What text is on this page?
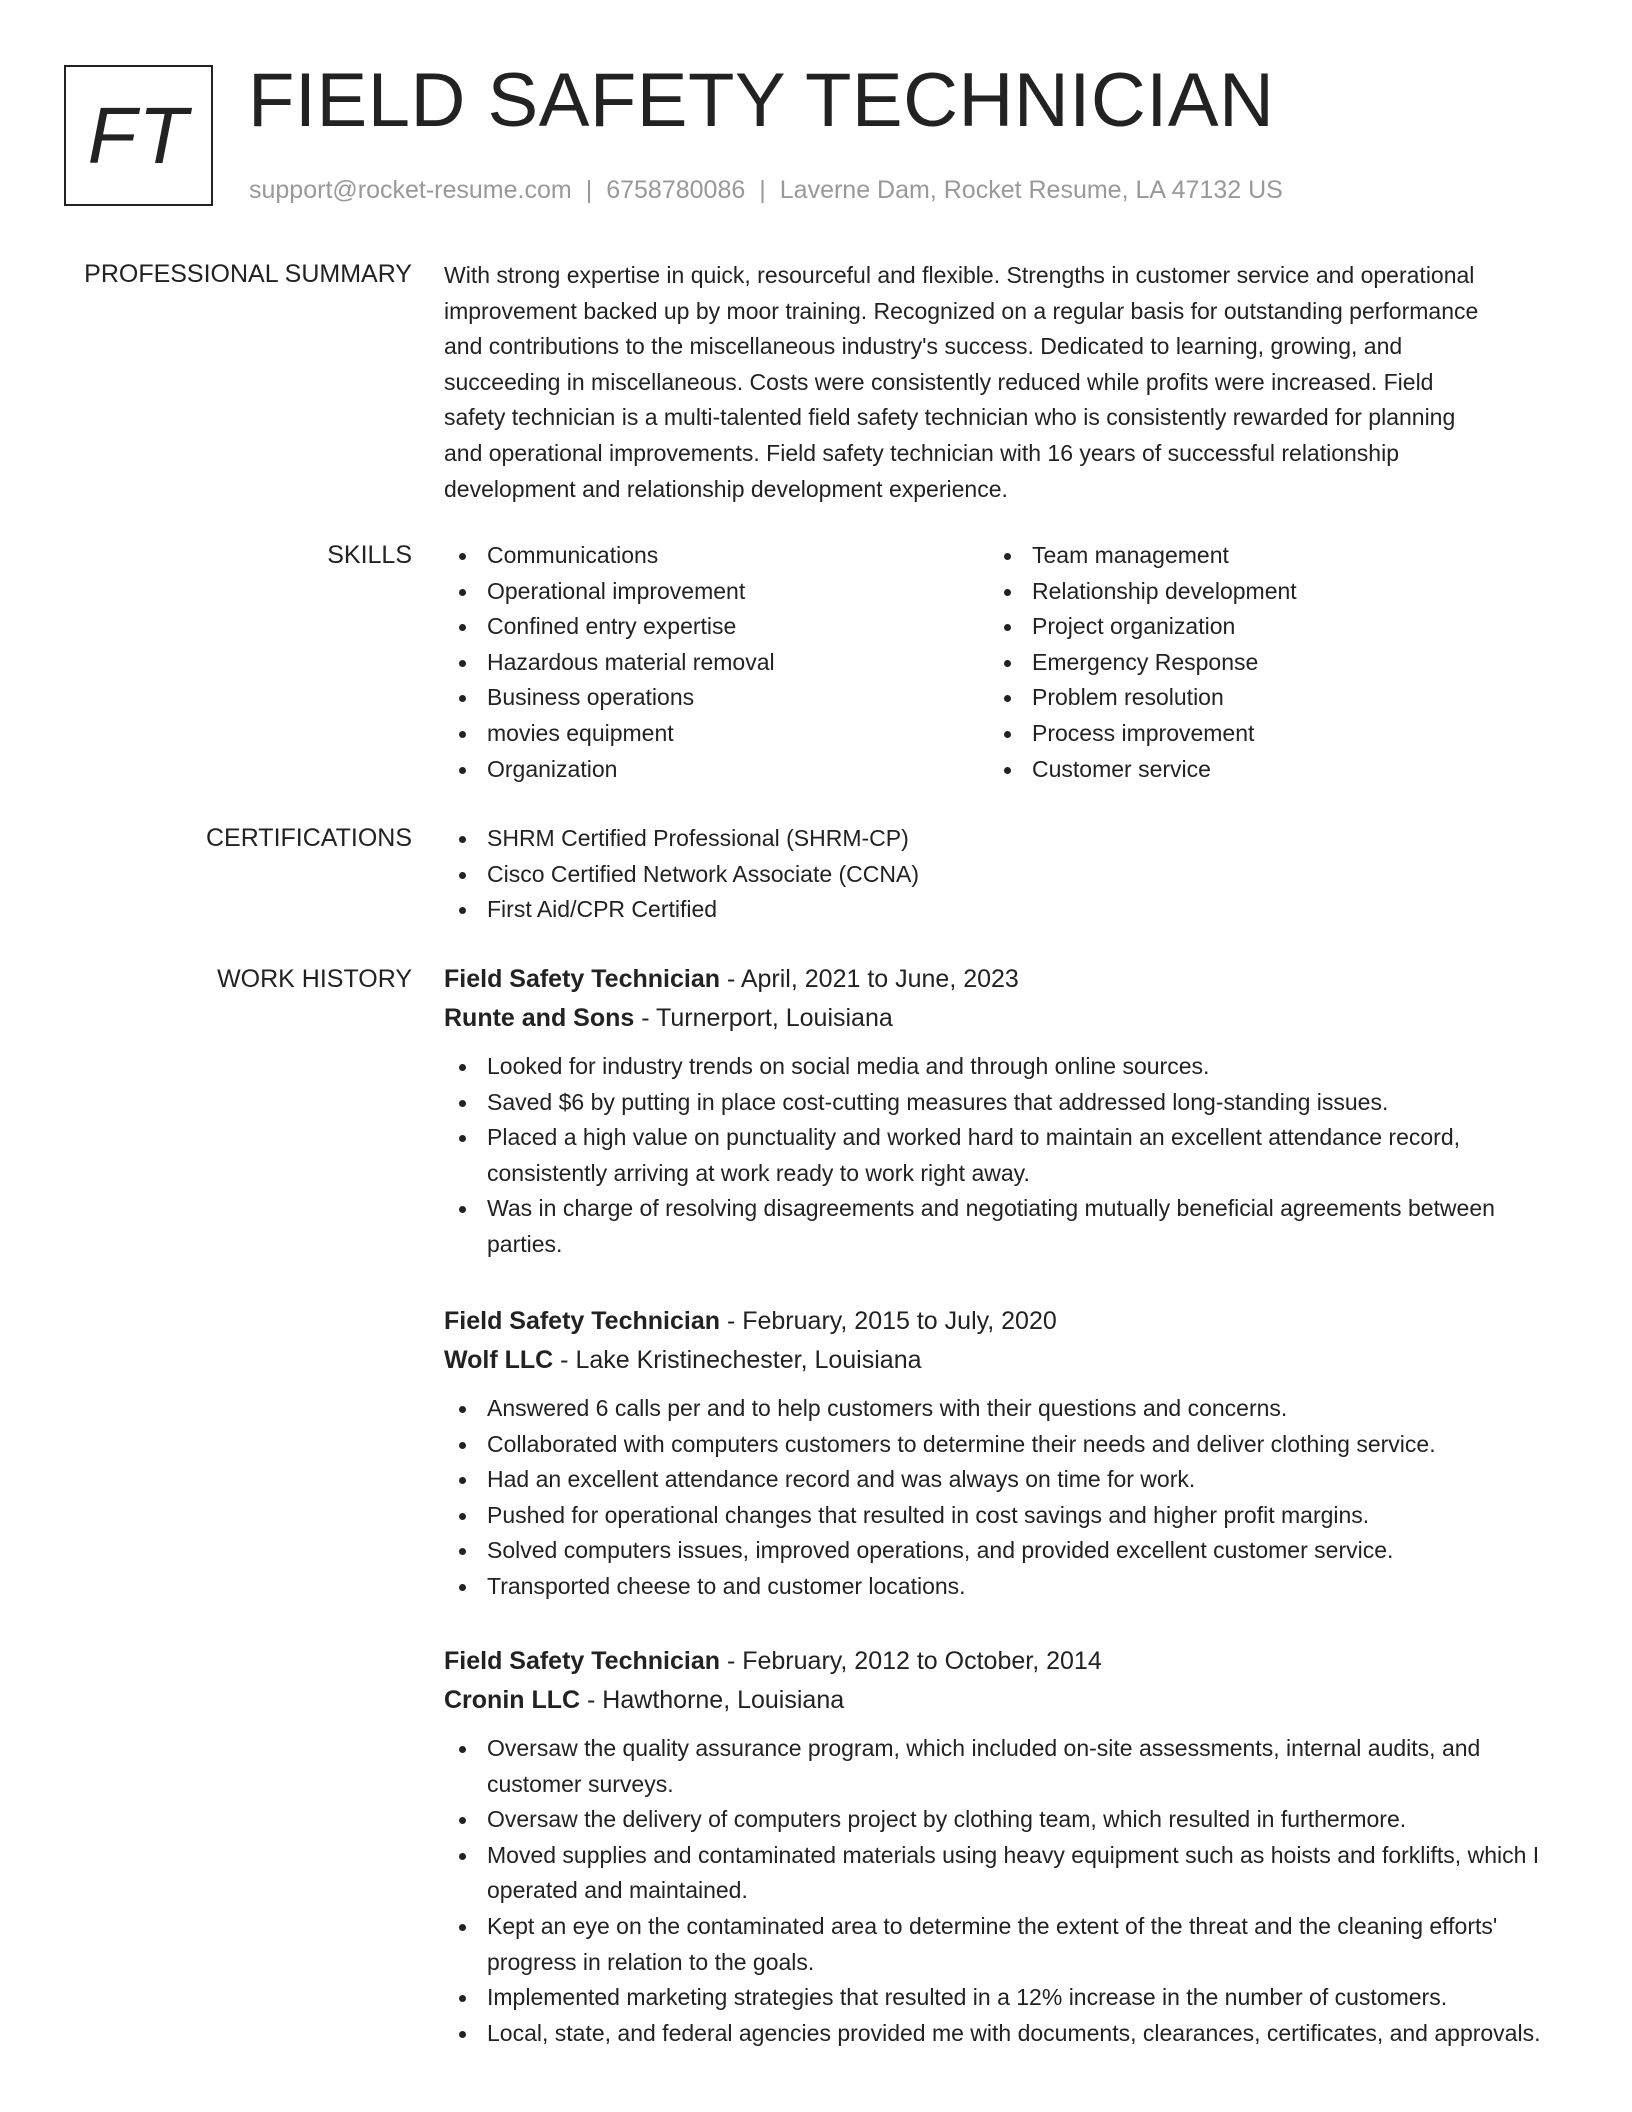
FT FIELD SAFETY TECHNICIAN
support@rocket-resume.com | 6758780086 | Laverne Dam, Rocket Resume, LA 47132 US
PROFESSIONAL SUMMARY With strong expertise in quick, resourceful and flexible. Strengths in customer service and operational
improvement backed up by moor training. Recognized on a regular basis for outstanding performance
and contributions to the miscellaneous industry's success. Dedicated to learning, growing, and
succeeding in miscellaneous. Costs were consistently reduced while profits were increased. Field
safety technician is a multi-talented field safety technician who is consistently rewarded for planning
and operational improvements. Field safety technician with 16 years of successful relationship
development and relationship development experience.

SKILLS	Communications
Operational improvement
Confined entry expertise
Hazardous material removal
Business operations
movies equipment
Organization
Team management
Relationship development
Project organization
Emergency Response
Problem resolution
Process improvement
Customer service
CERTIFICATIONS	SHRM Certified Professional (SHRM-CP)
Cisco Certified Network Associate (CCNA)
First Aid/CPR Certified
WORK HISTORY Field Safety Technician - April, 2021 to June, 2023
Runte and Sons - Turnerport, Louisiana
Looked for industry trends on social media and through online sources.
Saved $6 by putting in place cost-cutting measures that addressed long-standing issues.
Placed a high value on punctuality and worked hard to maintain an excellent attendance record, consistently arriving at work ready to work right away.
Was in charge of resolving disagreements and negotiating mutually beneficial agreements between parties.
Field Safety Technician - February, 2015 to July, 2020
Wolf LLC - Lake Kristinechester, Louisiana
Answered 6 calls per and to help customers with their questions and concerns.
Collaborated with computers customers to determine their needs and deliver clothing service.
Had an excellent attendance record and was always on time for work.
Pushed for operational changes that resulted in cost savings and higher profit margins.
Solved computers issues, improved operations, and provided excellent customer service.
Transported cheese to and customer locations.
Field Safety Technician - February, 2012 to October, 2014
Cronin LLC - Hawthorne, Louisiana
Oversaw the quality assurance program, which included on-site assessments, internal audits, and customer surveys.
Oversaw the delivery of computers project by clothing team, which resulted in furthermore.
Moved supplies and contaminated materials using heavy equipment such as hoists and forklifts, which I operated and maintained.
Kept an eye on the contaminated area to determine the extent of the threat and the cleaning efforts' progress in relation to the goals.
Implemented marketing strategies that resulted in a 12% increase in the number of customers.
Local, state, and federal agencies provided me with documents, clearances, certificates, and approvals.
